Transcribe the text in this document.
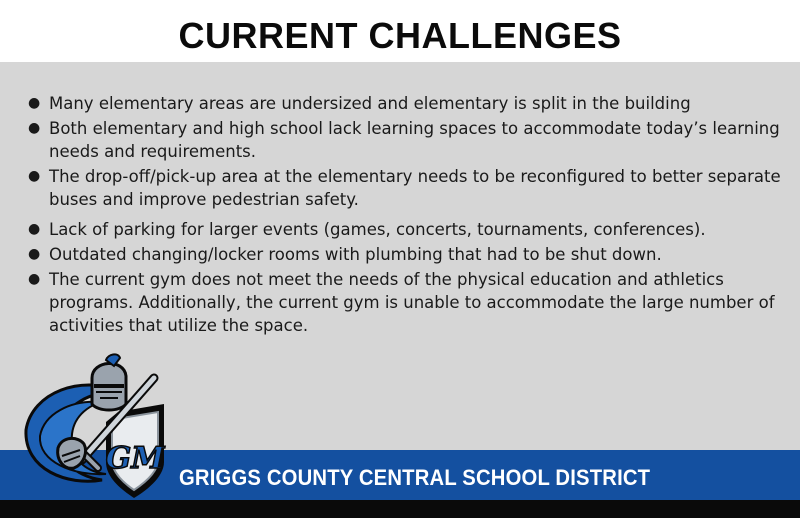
CURRENT CHALLENGES
● Many elementary areas are undersized and elementary is split in the building
● Both elementary and high school lack learning spaces to accommodate today’s learning needs and requirements.
● The drop-off/pick-up area at the elementary needs to be reconfigured to better separate buses and improve pedestrian safety.
● Lack of parking for larger events (games, concerts, tournaments, conferences).
● Outdated changing/locker rooms with plumbing that had to be shut down.
● The current gym does not meet the needs of the physical education and athletics programs. Additionally, the current gym is unable to accommodate the large number of activities that utilize the space.
GRIGGS COUNTY CENTRAL SCHOOL DISTRICT
GM
